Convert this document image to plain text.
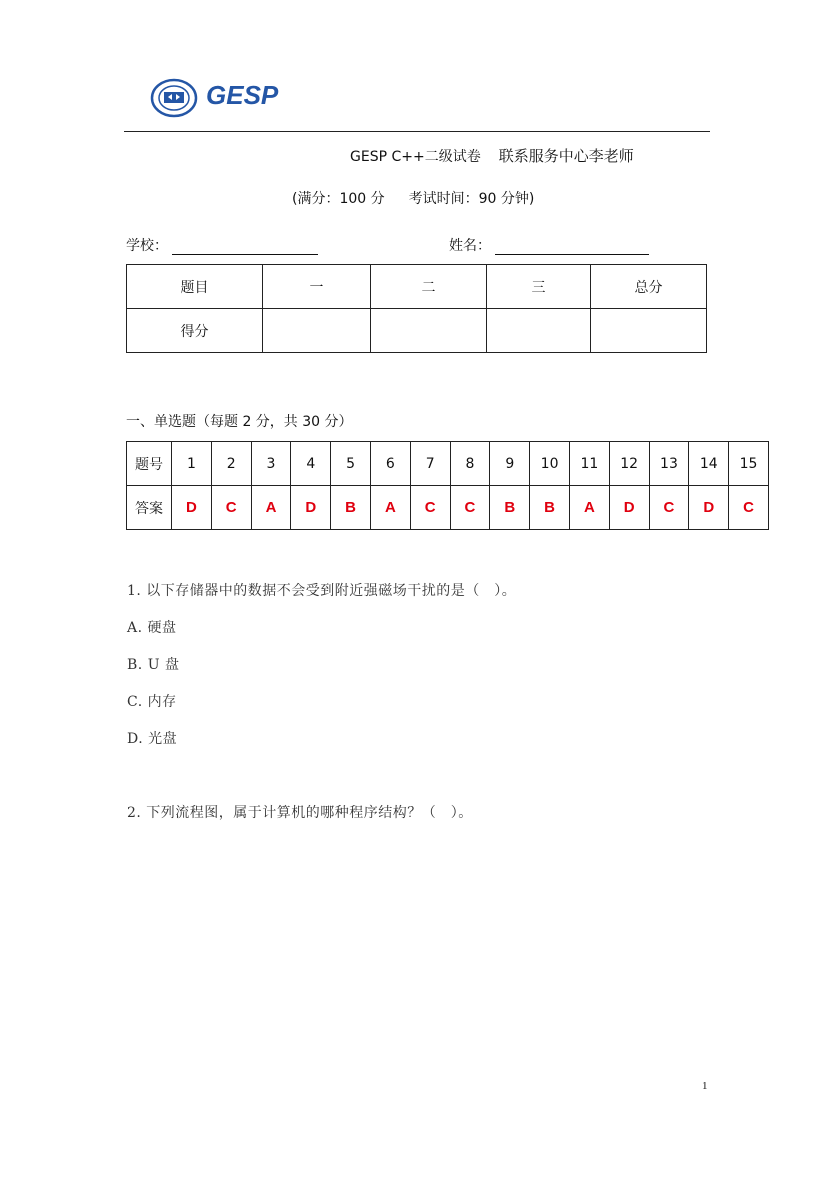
GESP
GESP C++二级试卷 联系服务中心李老师
(满分：100 分 考试时间：90 分钟)
学校：	姓名：
题目	一	二	三	总分
得分				
一、单选题（每题 2 分，共 30 分）
题号	1	2	3	4	5	6	7	8	9	10	11	12	13	14	15
答案	D	C	A	D	B	A	C	C	B	B	A	D	C	D	C
1. 以下存储器中的数据不会受到附近强磁场干扰的是（　）。
A. 硬盘
B. U 盘
C. 内存
D. 光盘
2. 下列流程图，属于计算机的哪种程序结构？（　）。
1
